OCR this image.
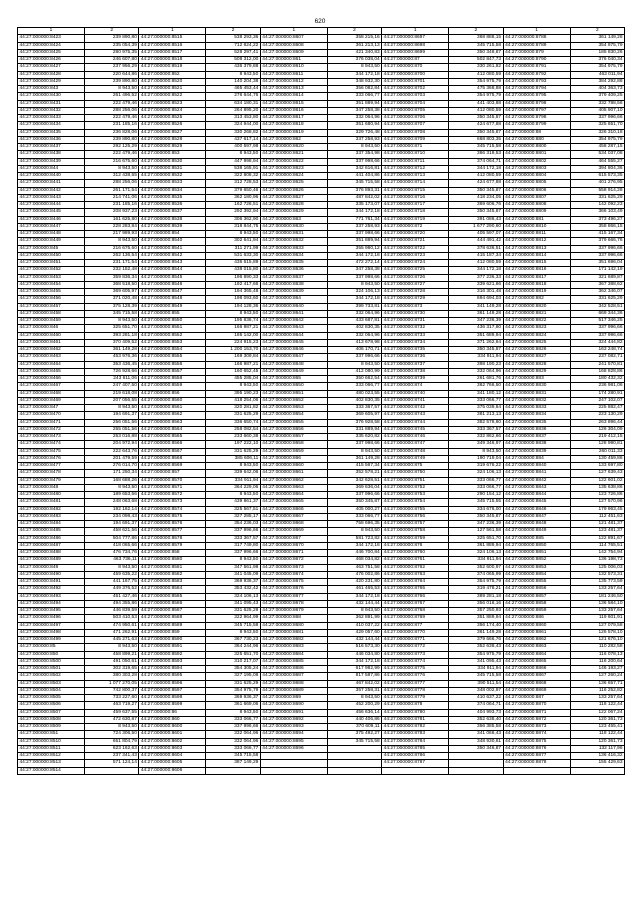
620
1	2	1	2	1	2	1	2	1	2
44:27:000000:8423	239 890,80	44:27:000000:8515	538 293,36	44:27:000000:8607	358 215,16	44:27:000000:8697	368 888,15	44:27:000000:8788	361 149,28
44:27:000000:8424	235 054,39	44:27:000000:8516	712 624,22	44:27:000000:8608	361 213,13	44:27:000000:8698	345 715,58	44:27:000000:8789	354 975,79
44:27:000000:8425	280 975,35	44:27:000000:8517	528 297,41	44:27:000000:8609	421 340,83	44:27:000000:8699	350 348,87	44:27:000000:879	185 830,26
44:27:000000:8426	246 607,80	44:27:000000:8518	508 312,00	44:27:000000:861	376 038,04	44:27:000000:87	502 847,73	44:27:000000:8790	376 040,34
44:27:000000:8427	237 956,29	44:27:000000:8519	436 379,88	44:27:000000:8610	8 943,50	44:27:000000:870	330 261,82	44:27:000000:8791	354 975,79
44:27:000000:8428	220 644,86	44:27:000000:852	8 943,50	44:27:000000:8611	344 172,18	44:27:000000:8700	412 080,59	44:27:000000:8792	463 011,94
44:27:000000:8429	239 890,80	44:27:000000:8520	140 204,38	44:27:000000:8612	348 932,30	44:27:000000:8701	354 975,79	44:27:000000:8793	384 292,88
44:27:000000:843	8 943,50	44:27:000000:8521	465 453,44	44:27:000000:8613	356 082,84	44:27:000000:8702	475 368,88	44:27:000000:8794	404 363,73
44:27:000000:8430	261 496,52	44:27:000000:8522	276 644,76	44:27:000000:8614	333 066,77	44:27:000000:8703	354 975,79	44:27:000000:8795	379 409,25
44:27:000000:8431	222 479,46	44:27:000000:8523	634 180,31	44:27:000000:8615	351 889,94	44:27:000000:8704	441 403,88	44:27:000000:8796	332 788,56
44:27:000000:8432	288 256,06	44:27:000000:8524	264 895,20	44:27:000000:8616	347 258,38	44:27:000000:8705	412 080,59	44:27:000000:8797	405 907,10
44:27:000000:8433	222 479,46	44:27:000000:8525	313 453,80	44:27:000000:8617	332 064,96	44:27:000000:8706	350 345,87	44:27:000000:8798	337 996,66
44:27:000000:8434	231 185,16	44:27:000000:8526	324 944,00	44:27:000000:8618	351 680,94	44:27:000000:8707	424 677,88	44:27:000000:8799	325 651,70
44:27:000000:8435	236 828,06	44:27:000000:8527	330 268,82	44:27:000000:8619	329 726,48	44:27:000000:8708	350 345,87	44:27:000000:88	326 310,18
44:27:000000:8436	239 890,80	44:27:000000:8528	437 617,14	44:27:000000:862	337 258,93	44:27:000000:8709	668 803,35	44:27:000000:880	354 975,79
44:27:000000:8437	292 125,29	44:27:000000:8529	400 597,98	44:27:000000:8620	8 943,50	44:27:000000:871	345 715,58	44:27:000000:8800	458 287,15
44:27:000000:8438	222 479,46	44:27:000000:853	8 943,50	44:27:000000:8621	337 354,98	44:27:000000:8710	386 319,53	44:27:000000:8801	534 037,08
44:27:000000:8439	216 675,60	44:27:000000:8530	447 998,94	44:27:000000:8622	337 998,66	44:27:000000:8711	374 064,71	44:27:000000:8802	464 555,27
44:27:000000:844	8 943,50	44:27:000000:8531	538 165,91	44:27:000000:8623	342 616,81	44:27:000000:8712	344 172,18	44:27:000000:8803	394 804,36
44:27:000000:8440	312 438,55	44:27:000000:8532	322 808,32	44:27:000000:8624	441 404,86	44:27:000000:8713	412 080,59	44:27:000000:8804	615 573,35
44:27:000000:8441	288 256,06	44:27:000000:8533	312 728,53	44:27:000000:8625	345 715,58	44:27:000000:8714	424 677,88	44:27:000000:8805	401 276,95
44:27:000000:8442	261 171,54	44:27:000000:8534	379 650,46	44:27:000000:8626	376 893,31	44:27:000000:8715	350 345,87	44:27:000000:8806	558 914,28
44:27:000000:8443	214 741,06	44:27:000000:8535	362 180,96	44:27:000000:8627	487 842,02	44:27:000000:8716	418 234,05	44:27:000000:8807	331 625,29
44:27:000000:8444	231 185,16	44:27:000000:8536	162 726,51	44:27:000000:8628	335 173,07	44:27:000000:8717	369 606,76	44:27:000000:8808	142 092,23
44:27:000000:8445	208 937,23	44:27:000000:8537	292 392,94	44:27:000000:8629	344 172,18	44:27:000000:8718	350 345,87	44:27:000000:8809	366 103,49
44:27:000000:8446	161 625,80	44:27:000000:8538	306 362,90	44:27:000000:863	771 761,34	44:27:000000:8719	391 086,43	44:27:000000:881	373 496,27
44:27:000000:8447	228 283,84	44:27:000000:8539	318 844,75	44:27:000000:8630	337 258,93	44:27:000000:872	1 677 290,60	44:27:000000:8810	358 866,15
44:27:000000:8448	217 989,93	44:27:000000:854	8 943,50	44:27:000000:8631	337 998,66	44:27:000000:8720	405 597,07	44:27:000000:8811	415 167,34
44:27:000000:8449	8 943,50	44:27:000000:8540	302 641,94	44:27:000000:8632	351 889,94	44:27:000000:8721	444 491,42	44:27:000000:8812	379 666,76
44:27:000000:845	216 675,60	44:27:000000:8541	311 271,99	44:27:000000:8633	355 980,12	44:27:000000:8722	378 636,51	44:27:000000:8813	337 996,66
44:27:000000:8450	262 136,54	44:27:000000:8542	531 633,30	44:27:000000:8634	344 172,18	44:27:000000:8723	415 187,34	44:27:000000:8814	337 996,66
44:27:000000:8451	231 171,54	44:27:000000:8543	436 615,89	44:27:000000:8635	472 272,14	44:27:000000:8724	412 080,59	44:27:000000:8815	351 696,04
44:27:000000:8452	232 152,48	44:27:000000:8544	438 015,80	44:27:000000:8636	347 258,38	44:27:000000:8725	344 172,18	44:27:000000:8816	171 142,19
44:27:000000:8453	359 836,34	44:27:000000:8545	196 890,33	44:27:000000:8637	337 998,66	44:27:000000:8726	377 236,33	44:27:000000:8817	321 689,87
44:27:000000:8454	368 518,50	44:27:000000:8546	192 417,66	44:27:000000:8638	8 943,50	44:27:000000:8727	339 621,86	44:27:000000:8818	367 388,62
44:27:000000:8455	369 605,97	44:27:000000:8547	194 365,48	44:27:000000:8639	324 106,13	44:27:000000:8728	316 301,48	44:27:000000:8819	362 346,07
44:27:000000:8456	371 020,48	44:27:000000:8548	198 093,60	44:27:000000:864	344 172,18	44:27:000000:8729	694 694,03	44:27:000000:882	331 625,29
44:27:000000:8457	375 128,39	44:27:000000:8549	194 128,36	44:27:000000:8640	399 733,81	44:27:000000:873	341 149,28	44:27:000000:8820	342 528,51
44:27:000000:8458	345 715,58	44:27:000000:855	8 943,50	44:27:000000:8641	332 064,96	44:27:000000:8730	361 149,28	44:27:000000:8821	669 344,36
44:27:000000:8459	8 943,50	44:27:000000:8550	195 836,74	44:27:000000:8642	433 687,81	44:27:000000:8731	347 236,39	44:27:000000:8822	517 346,25
44:27:000000:846	325 651,70	44:27:000000:8551	166 987,21	44:27:000000:8643	402 830,35	44:27:000000:8732	436 317,80	44:27:000000:8823	337 996,66
44:27:000000:8460	393 281,18	44:27:000000:8552	185 142,00	44:27:000000:8644	332 064,96	44:27:000000:8733	351 689,94	44:27:000000:8824	337 996,66
44:27:000000:8461	370 409,52	44:27:000000:8553	224 915,23	44:27:000000:8645	413 678,98	44:27:000000:8734	371 262,64	44:27:000000:8825	324 444,82
44:27:000000:8462	361 149,28	44:27:000000:8554	1 200 153,70	44:27:000000:8646	406 170,71	44:27:000000:8735	350 345,87	44:27:000000:8826	163 248,74
44:27:000000:8463	453 976,36	44:27:000000:8555	169 309,84	44:27:000000:8647	337 996,66	44:27:000000:8736	334 911,94	44:27:000000:8827	237 082,71
44:27:000000:8464	353 436,45	44:27:000000:8556	166 987,21	44:27:000000:8648	8 943,50	44:27:000000:8737	398 190,23	44:27:000000:8828	241 570,81
44:27:000000:8465	726 928,66	44:27:000000:8557	160 652,45	44:27:000000:8649	412 080,99	44:27:000000:8738	332 064,96	44:27:000000:8829	168 828,86
44:27:000000:8466	243 611,06	44:27:000000:8558	455 285,04	44:27:000000:865	350 662,54	44:27:000000:8739	261 681,76	44:27:000000:883	180 432,32
44:27:000000:8467	247 407,50	44:27:000000:8559	8 943,50	44:27:000000:8650	333 066,77	44:27:000000:874	362 766,50	44:27:000000:8830	236 981,06
44:27:000000:8468	219 618,08	44:27:000000:856	395 190,23	44:27:000000:8651	480 023,55	44:27:000000:8740	341 180,12	44:27:000000:8831	174 280,91
44:27:000000:8469	207 056,55	44:27:000000:8560	418 254,06	44:27:000000:8652	402 830,35	44:27:000000:8741	333 066,77	44:27:000000:8832	247 102,07
44:27:000000:847	8 943,50	44:27:000000:8561	320 281,82	44:27:000000:8653	333 367,57	44:27:000000:8742	375 039,84	44:27:000000:8833	225 882,47
44:27:000000:8470	194 691,37	44:27:000000:8562	331 625,29	44:27:000000:8654	369 605,97	44:27:000000:8743	381 213,13	44:27:000000:8834	223 130,29
44:27:000000:8471	256 051,56	44:27:000000:8563	336 650,74	44:27:000000:8655	376 928,58	44:27:000000:8744	382 578,80	44:27:000000:8835	263 896,44
44:27:000000:8472	255 051,56	44:27:000000:8564	258 082,54	44:27:000000:8656	331 889,94	44:27:000000:8745	333 367,57	44:27:000000:8836	126 304,09
44:27:000000:8473	253 016,88	44:27:000000:8565	233 660,38	44:27:000000:8657	335 620,82	44:27:000000:8746	332 862,66	44:27:000000:8837	219 412,15
44:27:000000:8474	204 972,94	44:27:000000:8566	197 222,10	44:27:000000:8658	337 998,66	44:27:000000:8747	349 346,97	44:27:000000:8838	128 990,81
44:27:000000:8475	222 643,76	44:27:000000:8567	331 625,29	44:27:000000:8659	8 943,50	44:27:000000:8748	8 943,50	44:27:000000:8839	260 011,33
44:27:000000:8476	201 479,59	44:27:000000:8568	385 606,11	44:27:000000:866	361 149,28	44:27:000000:8749	190 719,04	44:27:000000:884	130 459,86
44:27:000000:8477	276 014,70	44:27:000000:8569	8 943,50	44:27:000000:8660	415 567,34	44:27:000000:875	319 676,22	44:27:000000:8840	133 697,80
44:27:000000:8478	171 250,34	44:27:000000:857	339 642,06	44:27:000000:8661	352 578,21	44:27:000000:8750	324 106,13	44:27:000000:8841	127 639,43
44:27:000000:8479	168 688,26	44:27:000000:8570	334 911,94	44:27:000000:8662	342 628,51	44:27:000000:8751	333 066,77	44:27:000000:8842	122 601,02
44:27:000000:848	8 943,50	44:27:000000:8571	364 229,06	44:27:000000:8663	369 636,04	44:27:000000:8752	333 066,77	44:27:000000:8843	135 638,86
44:27:000000:8480	189 653,56	44:27:000000:8572	8 943,50	44:27:000000:8664	337 996,66	44:27:000000:8753	290 154,12	44:27:000000:8844	123 726,86
44:27:000000:8481	248 063,68	44:27:000000:8573	439 861,37	44:27:000000:8665	350 345,87	44:27:000000:8754	345 715,55	44:27:000000:8845	127 570,96
44:27:000000:8482	192 162,14	44:27:000000:8574	325 567,51	44:27:000000:8666	405 000,27	44:27:000000:8755	334 676,00	44:27:000000:8846	179 963,45
44:27:000000:8483	234 098,43	44:27:000000:8575	327 285,17	44:27:000000:8667	333 066,77	44:27:000000:8756	350 345,87	44:27:000000:8847	112 451,63
44:27:000000:8484	194 691,37	44:27:000000:8576	354 236,03	44:27:000000:8668	758 696,35	44:27:000000:8757	347 236,39	44:27:000000:8848	121 481,37
44:27:000000:8485	458 621,56	44:27:000000:8577	337 996,66	44:27:000000:8669	8 943,50	44:27:000000:8758	127 561,58	44:27:000000:8849	123 481,37
44:27:000000:8486	504 777,86	44:27:000000:8578	333 367,57	44:27:000000:867	581 723,82	44:27:000000:8759	325 651,70	44:27:000000:885	122 891,67
44:27:000000:8487	418 065,66	44:27:000000:8579	317 749,80	44:27:000000:8670	344 172,18	44:27:000000:876	361 889,94	44:27:000000:8850	114 765,51
44:27:000000:8488	476 734,76	44:27:000000:858	337 996,66	44:27:000000:8671	446 700,84	44:27:000000:8760	324 106,13	44:27:000000:8851	142 754,94
44:27:000000:8489	463 736,11	44:27:000000:8580	8 943,50	44:27:000000:8672	468 034,82	44:27:000000:8761	334 911,94	44:27:000000:8852	136 198,73
44:27:000000:849	8 943,50	44:27:000000:8581	347 561,98	44:27:000000:8673	463 751,58	44:27:000000:8762	352 600,97	44:27:000000:8853	125 006,03
44:27:000000:8490	459 635,22	44:27:000000:8582	341 045,09	44:27:000000:8674	476 002,86	44:27:000000:8763	374 065,99	44:27:000000:8854	132 573,31
44:27:000000:8491	441 167,75	44:27:000000:8583	369 936,37	44:27:000000:8675	420 231,80	44:27:000000:8764	354 975,79	44:27:000000:8855	135 773,59
44:27:000000:8492	449 376,52	44:27:000000:8584	353 432,42	44:27:000000:8676	461 465,53	44:27:000000:8765	319 478,21	44:27:000000:8856	133 257,64
44:27:000000:8493	451 427,46	44:27:000000:8585	324 106,13	44:27:000000:8677	344 172,18	44:27:000000:8766	389 281,18	44:27:000000:8857	181 246,50
44:27:000000:8494	494 355,86	44:27:000000:8586	341 095,43	44:27:000000:8678	432 144,44	44:27:000000:8767	356 016,16	44:27:000000:8858	136 584,10
44:27:000000:8495	446 839,59	44:27:000000:8587	331 625,29	44:27:000000:8679	8 943,50	44:27:000000:8768	357 250,93	44:27:000000:8859	133 257,64
44:27:000000:8496	503 410,53	44:27:000000:8588	322 964,99	44:27:000000:868	362 891,99	44:27:000000:8769	351 889,94	44:27:000000:886	119 601,91
44:27:000000:8497	474 950,61	44:27:000000:8589	345 715,58	44:27:000000:8680	410 037,22	44:27:000000:877	356 174,40	44:27:000000:8860	127 079,58
44:27:000000:8498	471 262,91	44:27:000000:859	8 943,50	44:27:000000:8681	429 057,60	44:27:000000:8770	361 149,28	44:27:000000:8861	126 578,10
44:27:000000:8499	445 271,63	44:27:000000:8590	367 730,23	44:27:000000:8682	432 144,44	44:27:000000:8771	379 666,76	44:27:000000:8862	121 676,10
44:27:000000:85	8 943,50	44:27:000000:8591	364 244,96	44:27:000000:8683	516 573,30	44:27:000000:8772	352 638,43	44:27:000000:8863	110 282,58
44:27:000000:850	458 899,21	44:27:000000:8592	325 651,70	44:27:000000:8684	446 034,80	44:27:000000:8773	354 975,79	44:27:000000:8864	116 078,13
44:27:000000:8500	491 050,61	44:27:000000:8593	310 217,07	44:27:000000:8685	344 172,18	44:27:000000:8774	341 095,43	44:27:000000:8865	116 200,64
44:27:000000:8501	302 319,65	44:27:000000:8594	354 305,24	44:27:000000:8686	617 982,99	44:27:000000:8775	334 911,94	44:27:000000:8866	146 193,27
44:27:000000:8502	380 303,28	44:27:000000:8595	327 195,08	44:27:000000:8687	817 587,86	44:27:000000:8776	345 715,58	44:27:000000:8867	127 260,24
44:27:000000:8503	1 077 270,05	44:27:000000:8596	331 625,29	44:27:000000:8688	467 842,02	44:27:000000:8777	390 511,54	44:27:000000:8868	136 657,71
44:27:000000:8504	742 800,37	44:27:000000:8597	354 975,79	44:27:000000:8689	357 258,31	44:27:000000:8778	348 002,97	44:27:000000:8869	116 252,82
44:27:000000:8505	733 227,60	44:27:000000:8598	369 936,37	44:27:000000:869	8 943,50	44:27:000000:8779	410 637,22	44:27:000000:887	133 257,64
44:27:000000:8506	463 719,27	44:27:000000:8599	361 669,06	44:27:000000:8690	452 200,29	44:27:000000:878	374 064,71	44:27:000000:8870	118 122,44
44:27:000000:8507	459 637,55	44:27:000000:86	8 943,50	44:27:000000:8691	456 636,14	44:27:000000:8780	404 993,73	44:27:000000:8871	122 067,24
44:27:000000:8508	472 630,87	44:27:000000:860	333 066,77	44:27:000000:8692	440 406,86	44:27:000000:8781	352 638,40	44:27:000000:8872	120 361,73
44:27:000000:8509	8 943,50	44:27:000000:8600	337 996,66	44:27:000000:8693	370 609,11	44:27:000000:8782	356 385,58	44:27:000000:8873	123 455,41
44:27:000000:851	724 306,50	44:27:000000:8601	332 064,96	44:27:000000:8694	375 492,27	44:27:000000:8783	341 066,43	44:27:000000:8874	118 122,44
44:27:000000:8510	651 804,79	44:27:000000:8602	332 064,96	44:27:000000:8695	345 715,58	44:27:000000:8784	348 930,61	44:27:000000:8875	120 361,73
44:27:000000:8511	623 162,63	44:27:000000:8603	333 066,77	44:27:000000:8696		44:27:000000:8785	350 346,87	44:27:000000:8876	132 117,96
44:27:000000:8512	237 341,43	44:27:000000:8604	345 715,58			44:27:000000:8786		44:27:000000:8877	136 416,32
44:27:000000:8513	571 124,14	44:27:000000:8605	387 149,29			44:27:000000:8787		44:27:000000:8878	155 429,63
44:27:000000:8514		44:27:000000:8606							
